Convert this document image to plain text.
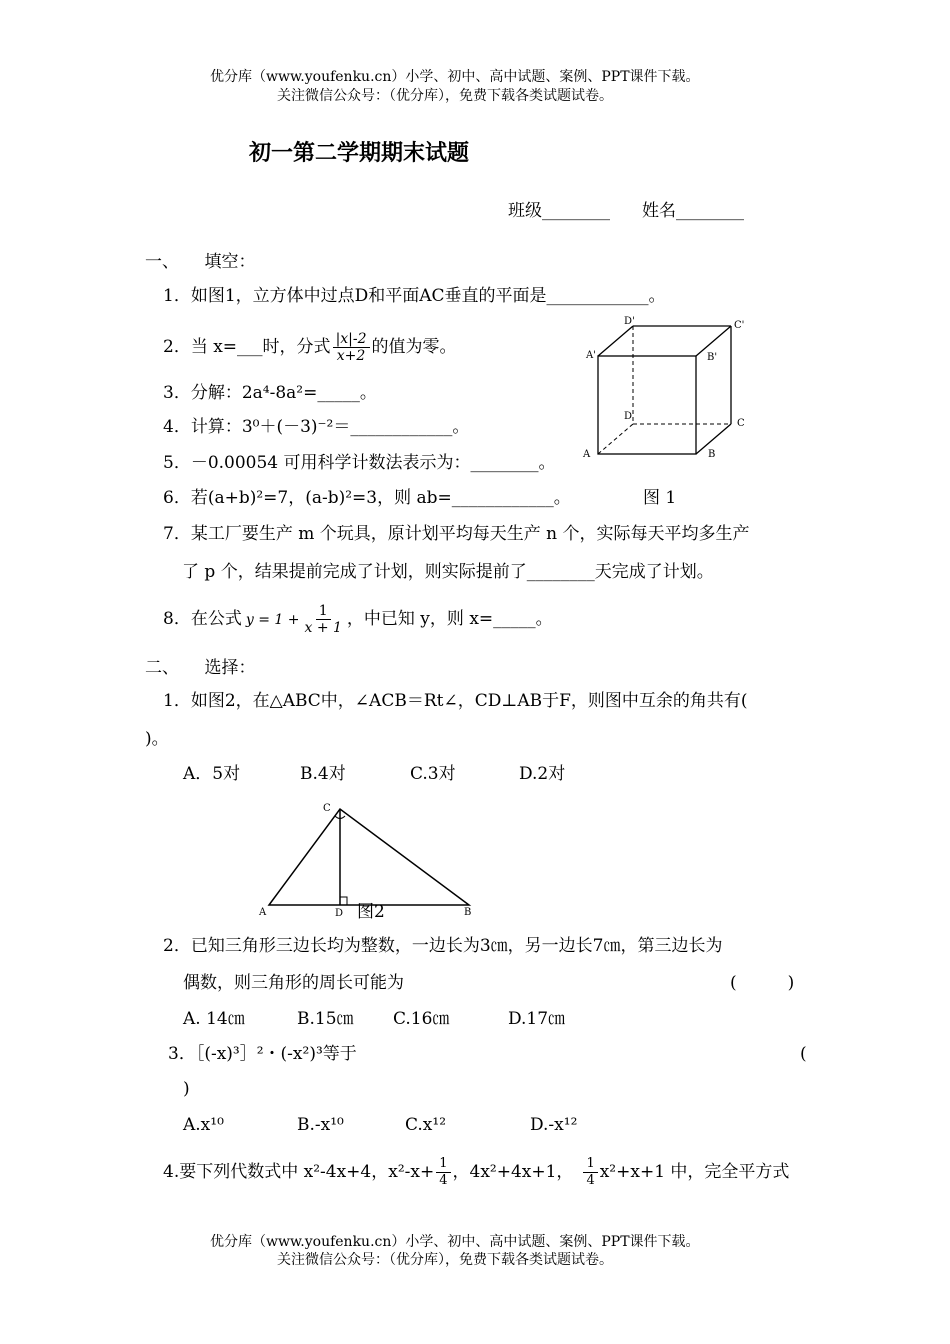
优分库（www.youfenku.cn）小学、初中、高中试题、案例、PPT课件下载。
关注微信公众号：（优分库），免费下载各类试题试卷。
初一第二学期期末试题
班级________ 姓名________
一、　　填空：
1．如图1，立方体中过点D和平面AC垂直的平面是____________。
2．当 x=___时，分式 $\frac{|x|-2}{x+2}$ 的值为零。
3．分解：2a⁴-8a²=_____。
4．计算：3⁰＋(－3)⁻²＝____________。
5．－0.00054 可用科学计数法表示为：________。
6．若(a+b)²=7，(a-b)²=3，则 ab=____________。	图 1
7．某工厂要生产 m 个玩具，原计划平均每天生产 n 个，实际每天平均多生产
了 p 个，结果提前完成了计划，则实际提前了________天完成了计划。
8．在公式 $y = 1 + \frac{1}{x + 1}$ ，中已知 y，则 x=_____。
D'	C'
A'	B'
D
C
A	B
二、　　选择：
1．如图2，在△ABC中，∠ACB＝Rt∠，CD⊥AB于F，则图中互余的角共有(
)。
A．5对	B.4对	C.3对	D.2对
C
A	D	B
图2
2．已知三角形三边长均为整数，一边长为3㎝，另一边长7㎝，第三边长为
偶数，则三角形的周长可能为	(　　　)
A. 14㎝	B.15㎝ C.16㎝	D.17㎝
3．［(-x)³］²・(-x²)³等于	(
)
A.x¹⁰	B.-x¹⁰	C.x¹²	D.-x¹²
4.要下列代数式中 x²-4x+4，$x^2-x+ \frac{1}{4}$ ，4x²+4x+1， $\frac{1}{4} x^2+x+1$ 中，完全平方式
优分库（www.youfenku.cn）小学、初中、高中试题、案例、PPT课件下载。
关注微信公众号：（优分库），免费下载各类试题试卷。
